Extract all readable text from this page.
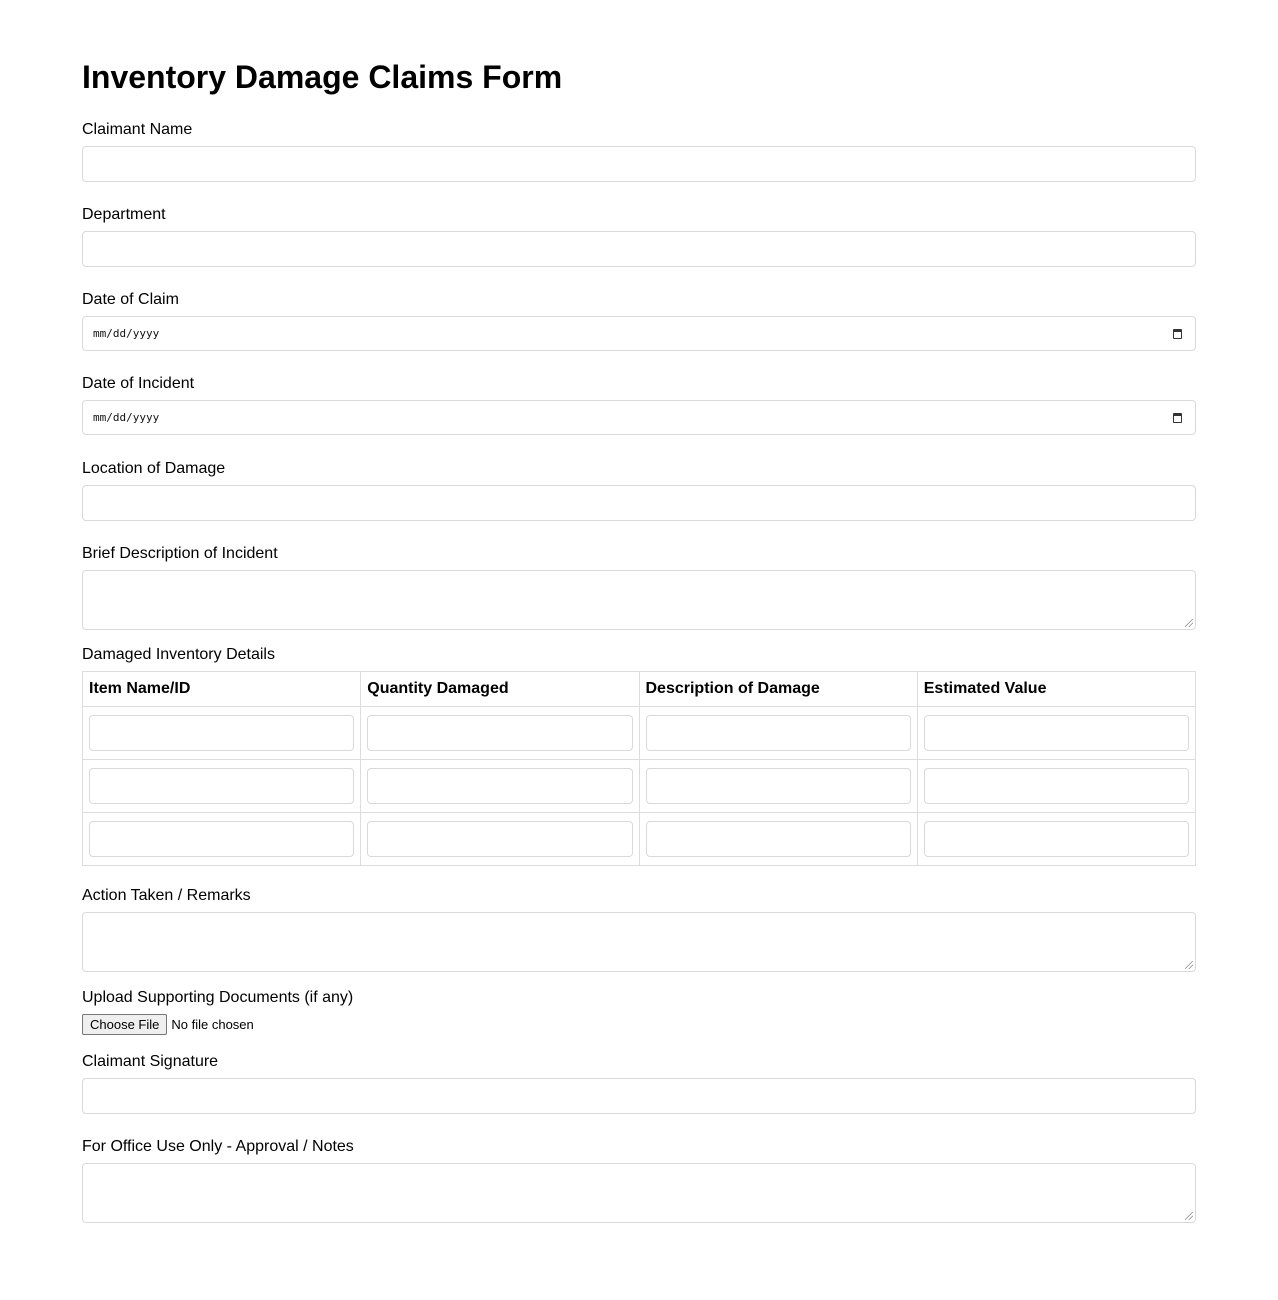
Inventory Damage Claims Form
Claimant Name
Department
Date of Claim
mm/dd/yyyy
Date of Incident
mm/dd/yyyy
Location of Damage
Brief Description of Incident
Damaged Inventory Details
Item Name/ID	Quantity Damaged	Description of Damage	Estimated Value

Action Taken / Remarks
Upload Supporting Documents (if any)
Choose File No file chosen
Claimant Signature
For Office Use Only - Approval / Notes
